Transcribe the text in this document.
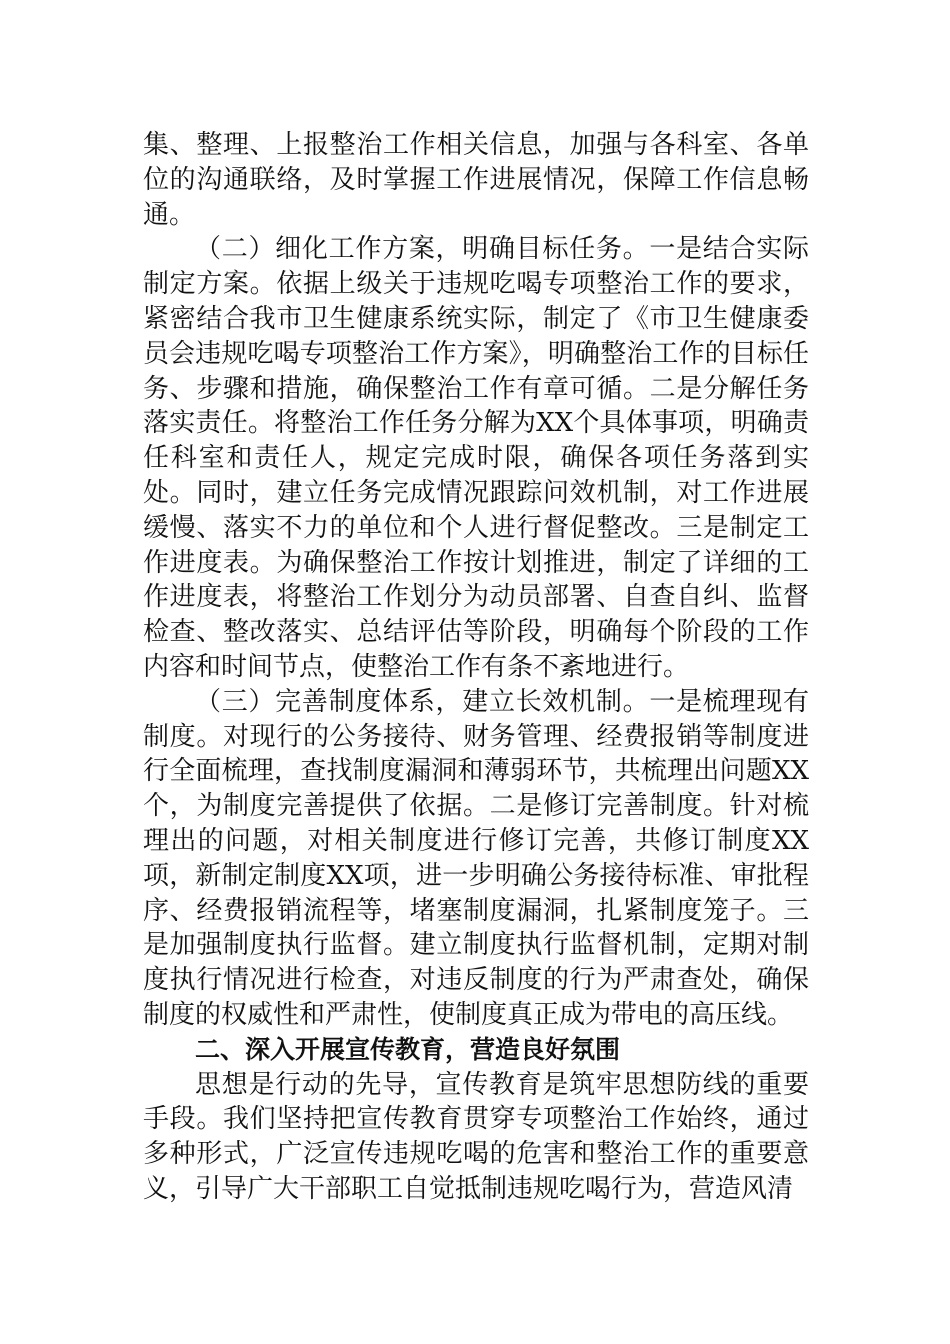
集、整理、上报整治工作相关信息，加强与各科室、各单位的沟通联络，及时掌握工作进展情况，保障工作信息畅通。

（二）细化工作方案，明确目标任务。一是结合实际制定方案。依据上级关于违规吃喝专项整治工作的要求，紧密结合我市卫生健康系统实际，制定了《市卫生健康委员会违规吃喝专项整治工作方案》，明确整治工作的目标任务、步骤和措施，确保整治工作有章可循。二是分解任务落实责任。将整治工作任务分解为XX个具体事项，明确责任科室和责任人，规定完成时限，确保各项任务落到实处。同时，建立任务完成情况跟踪问效机制，对工作进展缓慢、落实不力的单位和个人进行督促整改。三是制定工作进度表。为确保整治工作按计划推进，制定了详细的工作进度表，将整治工作划分为动员部署、自查自纠、监督检查、整改落实、总结评估等阶段，明确每个阶段的工作内容和时间节点，使整治工作有条不紊地进行。

（三）完善制度体系，建立长效机制。一是梳理现有制度。对现行的公务接待、财务管理、经费报销等制度进行全面梳理，查找制度漏洞和薄弱环节，共梳理出问题XX个，为制度完善提供了依据。二是修订完善制度。针对梳理出的问题，对相关制度进行修订完善，共修订制度XX项，新制定制度XX项，进一步明确公务接待标准、审批程序、经费报销流程等，堵塞制度漏洞，扎紧制度笼子。三是加强制度执行监督。建立制度执行监督机制，定期对制度执行情况进行检查，对违反制度的行为严肃查处，确保制度的权威性和严肃性，使制度真正成为带电的高压线。

二、深入开展宣传教育，营造良好氛围

思想是行动的先导，宣传教育是筑牢思想防线的重要手段。我们坚持把宣传教育贯穿专项整治工作始终，通过多种形式，广泛宣传违规吃喝的危害和整治工作的重要意义，引导广大干部职工自觉抵制违规吃喝行为，营造风清
